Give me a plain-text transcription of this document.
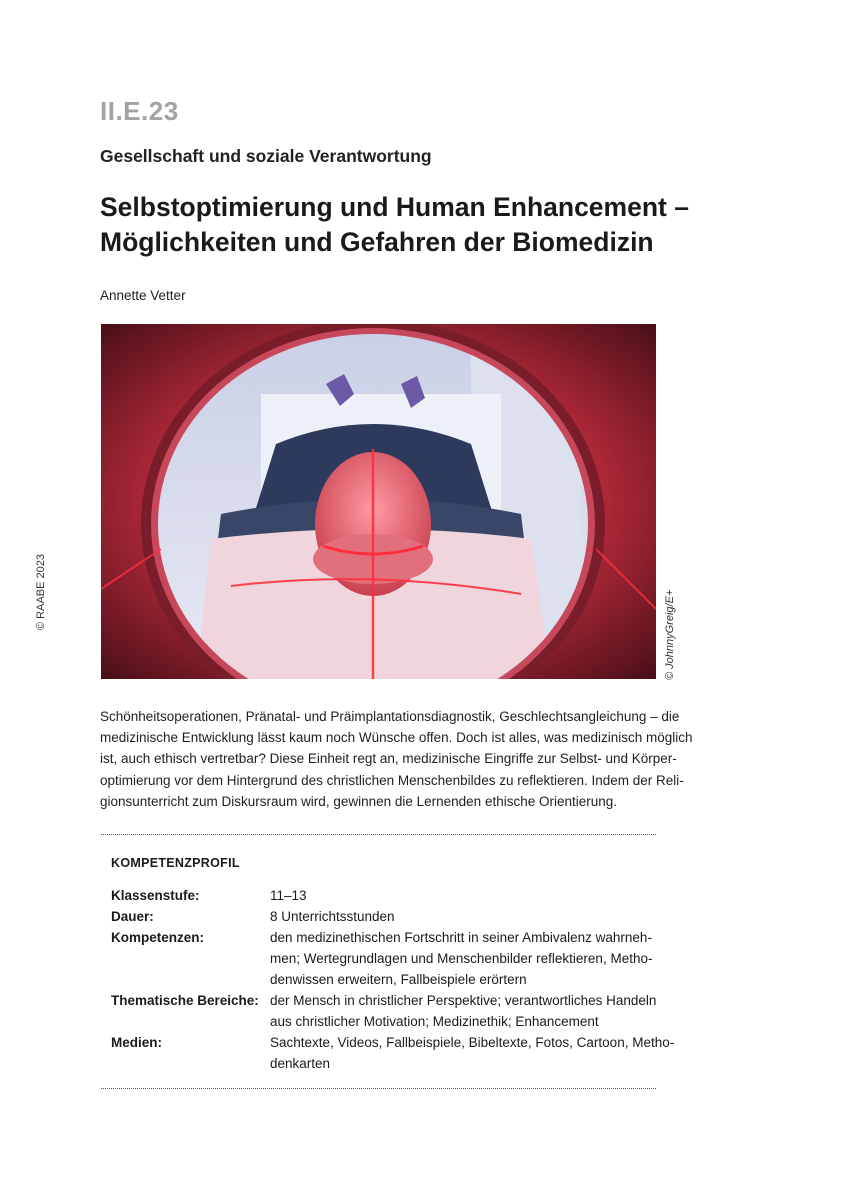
II.E.23
Gesellschaft und soziale Verantwortung
Selbstoptimierung und Human Enhancement –
Möglichkeiten und Gefahren der Biomedizin
Annette Vetter
© RAABE 2023	© JohnnyGreig/E+
Schönheitsoperationen, Pränatal- und Präimplantationsdiagnostik, Geschlechtsangleichung – die
medizinische Entwicklung lässt kaum noch Wünsche offen. Doch ist alles, was medizinisch möglich
ist, auch ethisch vertretbar? Diese Einheit regt an, medizinische Eingriffe zur Selbst- und Körper-
optimierung vor dem Hintergrund des christlichen Menschenbildes zu reflektieren. Indem der Reli-
gionsunterricht zum Diskursraum wird, gewinnen die Lernenden ethische Orientierung.
KOMPETENZPROFIL
Klassenstufe:	11–13
Dauer:	8 Unterrichtsstunden
Kompetenzen:	den medizinethischen Fortschritt in seiner Ambivalenz wahrneh-
men; Wertegrundlagen und Menschenbilder reflektieren, Metho-
denwissen erweitern, Fallbeispiele erörtern
Thematische Bereiche: der Mensch in christlicher Perspektive; verantwortliches Handeln
aus christlicher Motivation; Medizinethik; Enhancement
Medien:	Sachtexte, Videos, Fallbeispiele, Bibeltexte, Fotos, Cartoon, Metho-
denkarten
